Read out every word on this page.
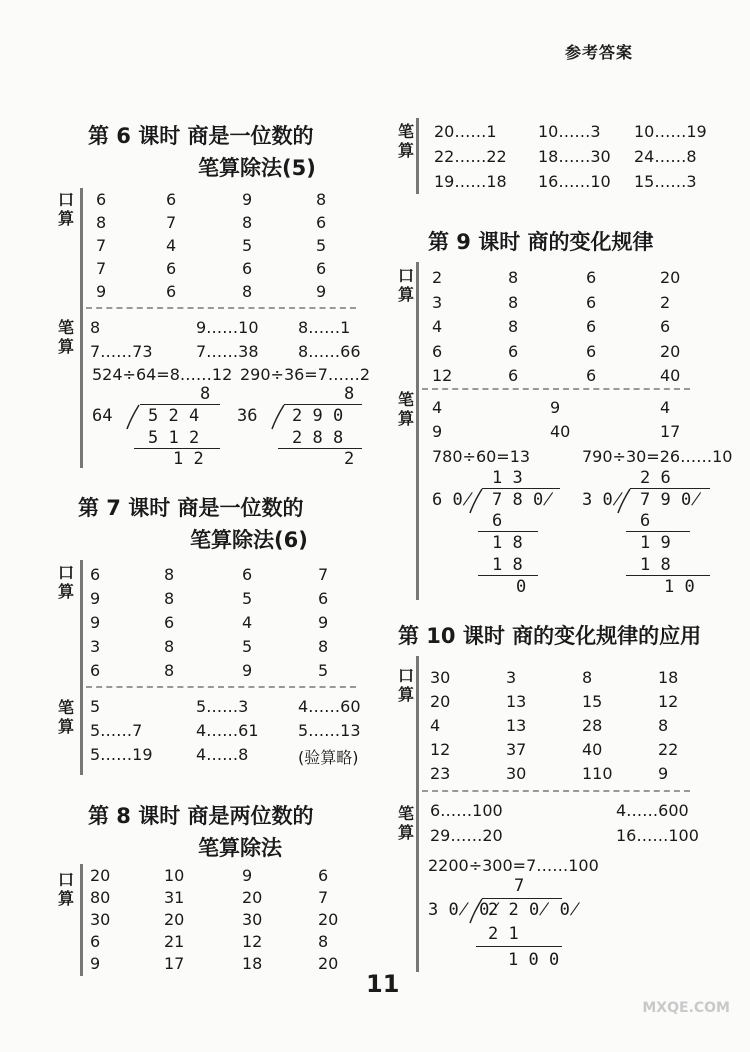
参考答案
第 6 课时 商是一位数的
笔算除法(5)
口
算
笔
算
6	6	9	8
8	7	8	6
7	4	5	5
7	6	6	6
9	6	8	9
8	9……10 8……1
7……73	7……38 8……66
524÷64=8……12 290÷36=7……2
8
64 5 2 4
5 1 2
1 2
8
36 2 9 0
2 8 8
2
第 7 课时 商是一位数的
笔算除法(6)
口
算
笔
算
6	8	6	7
9	8	5	6
9	6	4	9
3	8	5	8
6	8	9	5
5	5……3	4……60
5……7	4……61 5……13
5……19	4……8	(验算略)
第 8 课时 商是两位数的
笔算除法
口
算
20	10	9	6
80	31	20	7
30	20	30	20
6	21	12	8
9	17	18	20
笔
算
20……1	10……3 10……19
22……22 18……30 24……8
19……18 16……10 15……3
第 9 课时 商的变化规律
口
算
笔
算
2	8	6	20
3	8	6	2
4	8	6	6
6	6	6	20
12	6	6	40
4	9	4
9	40	17
780÷60=13	790÷30=26……10
1 3
6 0̸ 7 8 0̸
6
1 8
1 8
0
2 6
3 0̸ 7 9 0̸
6
1 9
1 8
1 0
第 10 课时 商的变化规律的应用
口
算
笔
算
30	3	8	18
20	13	15	12
4	13	28	8
12	37	40	22
23	30	110	9
6……100	4……600
29……20	16……100
2200÷300=7……100
7
3 0̸ 0̸
2 2 0̸ 0̸
2 1
1 0 0
11
MXQE.COM
